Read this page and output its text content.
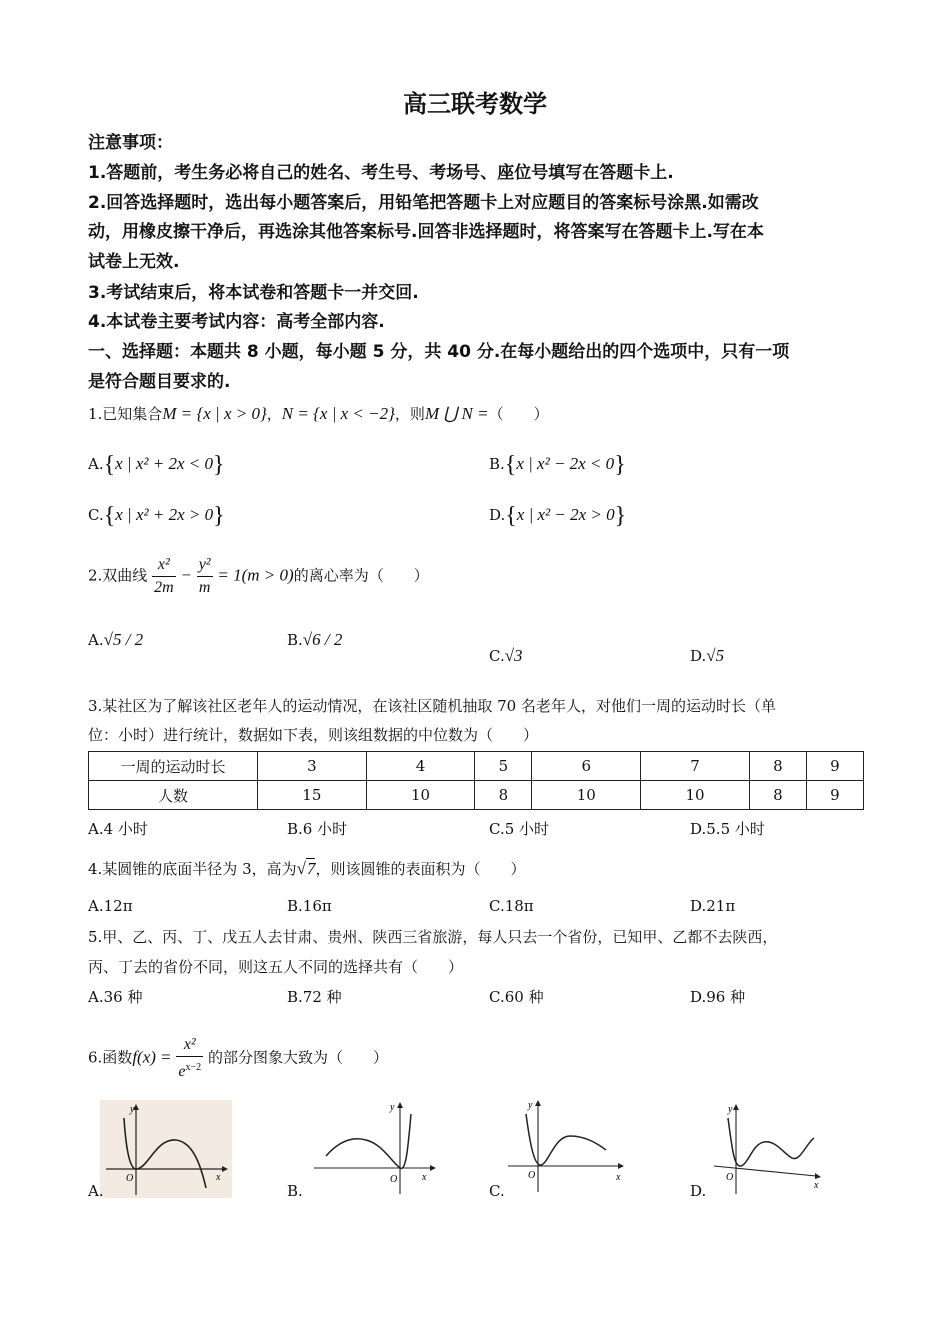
高三联考数学
注意事项：
1.答题前，考生务必将自己的姓名、考生号、考场号、座位号填写在答题卡上.
2.回答选择题时，选出每小题答案后，用铅笔把答题卡上对应题目的答案标号涂黑.如需改
动，用橡皮擦干净后，再选涂其他答案标号.回答非选择题时，将答案写在答题卡上.写在本
试卷上无效.
3.考试结束后，将本试卷和答题卡一并交回.
4.本试卷主要考试内容：高考全部内容.
一、选择题：本题共 8 小题，每小题 5 分，共 40 分.在每小题给出的四个选项中，只有一项
是符合题目要求的.
1.已知集合M = {x | x > 0}，N = {x | x < −2}，则M ⋃ N =（　　）
A.{x | x² + 2x < 0}	B.{x | x² − 2x < 0}
C.{x | x² + 2x > 0}	D.{x | x² − 2x > 0}
2.双曲线 $\frac{\text{x²}}{2m} - \frac{\text{y²}}{m} = 1(m > 0)$的离心率为（　　）
A.√5 / 2	B.√6 / 2
C.√3	D.√5
3.某社区为了解该社区老年人的运动情况，在该社区随机抽取 70 名老年人，对他们一周的运动时长（单
位：小时）进行统计，数据如下表，则该组数据的中位数为（　　）
一周的运动时长	3	4	5	6	7	8	9
人数	15	10	8	10	10	8	9
A.4 小时	B.6 小时	C.5 小时	D.5.5 小时
4.某圆锥的底面半径为 3，高为√7，则该圆锥的表面积为（　　）
A.12π	B.16π	C.18π	D.21π
5.甲、乙、丙、丁、戊五人去甘肃、贵州、陕西三省旅游，每人只去一个省份，已知甲、乙都不去陕西，
丙、丁去的省份不同，则这五人不同的选择共有（　　）
A.36 种	B.72 种	C.60 种	D.96 种
6.函数$f(x) = \frac{\text{x²}}{e^{x-2}}$ 的部分图象大致为（　　）
y
x
O
A.
y
x
O
B.
y
x
O
C.
y
x
O
D.
